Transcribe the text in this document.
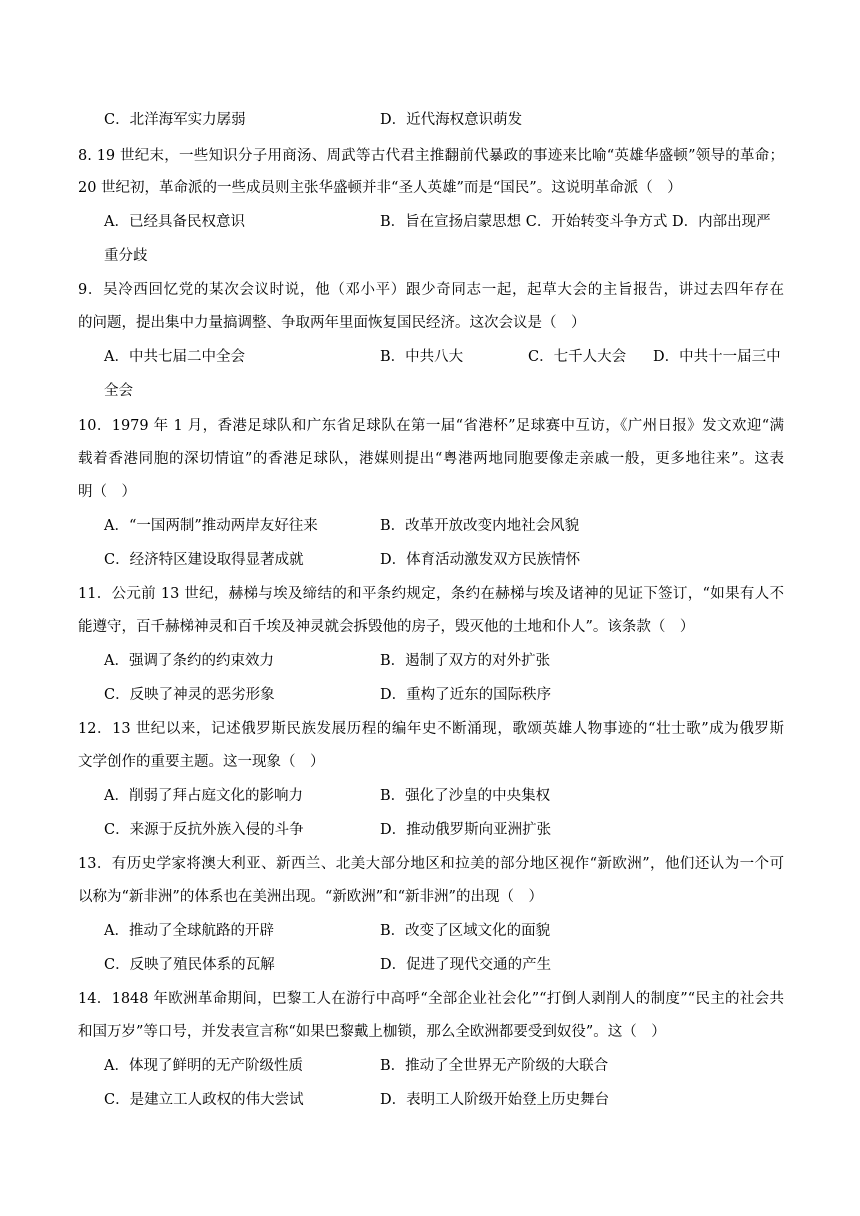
C．北洋海军实力孱弱	D．近代海权意识萌发
8. 19 世纪末，一些知识分子用商汤、周武等古代君主推翻前代暴政的事迹来比喻“英雄华盛顿”领导的革命；
20 世纪初，革命派的一些成员则主张华盛顿并非“圣人英雄”而是“国民”。这说明革命派（　）
A．已经具备民权意识	B．旨在宣扬启蒙思想 C．开始转变斗争方式 D．内部出现严
重分歧
9．吴冷西回忆党的某次会议时说，他（邓小平）跟少奇同志一起，起草大会的主旨报告，讲过去四年存在
的问题，提出集中力量搞调整、争取两年里面恢复国民经济。这次会议是（　）
A．中共七届二中全会	B．中共八大	C．七千人大会 D．中共十一届三中
全会
10．1979 年 1 月，香港足球队和广东省足球队在第一届“省港杯”足球赛中互访，《广州日报》发文欢迎“满
载着香港同胞的深切情谊”的香港足球队，港媒则提出“粤港两地同胞要像走亲戚一般，更多地往来”。这表
明（　）
A．“一国两制”推动两岸友好往来	B．改革开放改变内地社会风貌
C．经济特区建设取得显著成就	D．体育活动激发双方民族情怀
11．公元前 13 世纪，赫梯与埃及缔结的和平条约规定，条约在赫梯与埃及诸神的见证下签订，“如果有人不
能遵守，百千赫梯神灵和百千埃及神灵就会拆毁他的房子，毁灭他的土地和仆人”。该条款（　）
A．强调了条约的约束效力	B．遏制了双方的对外扩张
C．反映了神灵的恶劣形象	D．重构了近东的国际秩序
12．13 世纪以来，记述俄罗斯民族发展历程的编年史不断涌现，歌颂英雄人物事迹的“壮士歌”成为俄罗斯
文学创作的重要主题。这一现象（　）
A．削弱了拜占庭文化的影响力	B．强化了沙皇的中央集权
C．来源于反抗外族入侵的斗争	D．推动俄罗斯向亚洲扩张
13．有历史学家将澳大利亚、新西兰、北美大部分地区和拉美的部分地区视作“新欧洲”，他们还认为一个可
以称为“新非洲”的体系也在美洲出现。“新欧洲”和“新非洲”的出现（　）
A．推动了全球航路的开辟	B．改变了区域文化的面貌
C．反映了殖民体系的瓦解	D．促进了现代交通的产生
14．1848 年欧洲革命期间，巴黎工人在游行中高呼“全部企业社会化”“打倒人剥削人的制度”“民主的社会共
和国万岁”等口号，并发表宣言称“如果巴黎戴上枷锁，那么全欧洲都要受到奴役”。这（　）
A．体现了鲜明的无产阶级性质	B．推动了全世界无产阶级的大联合
C．是建立工人政权的伟大尝试	D．表明工人阶级开始登上历史舞台
